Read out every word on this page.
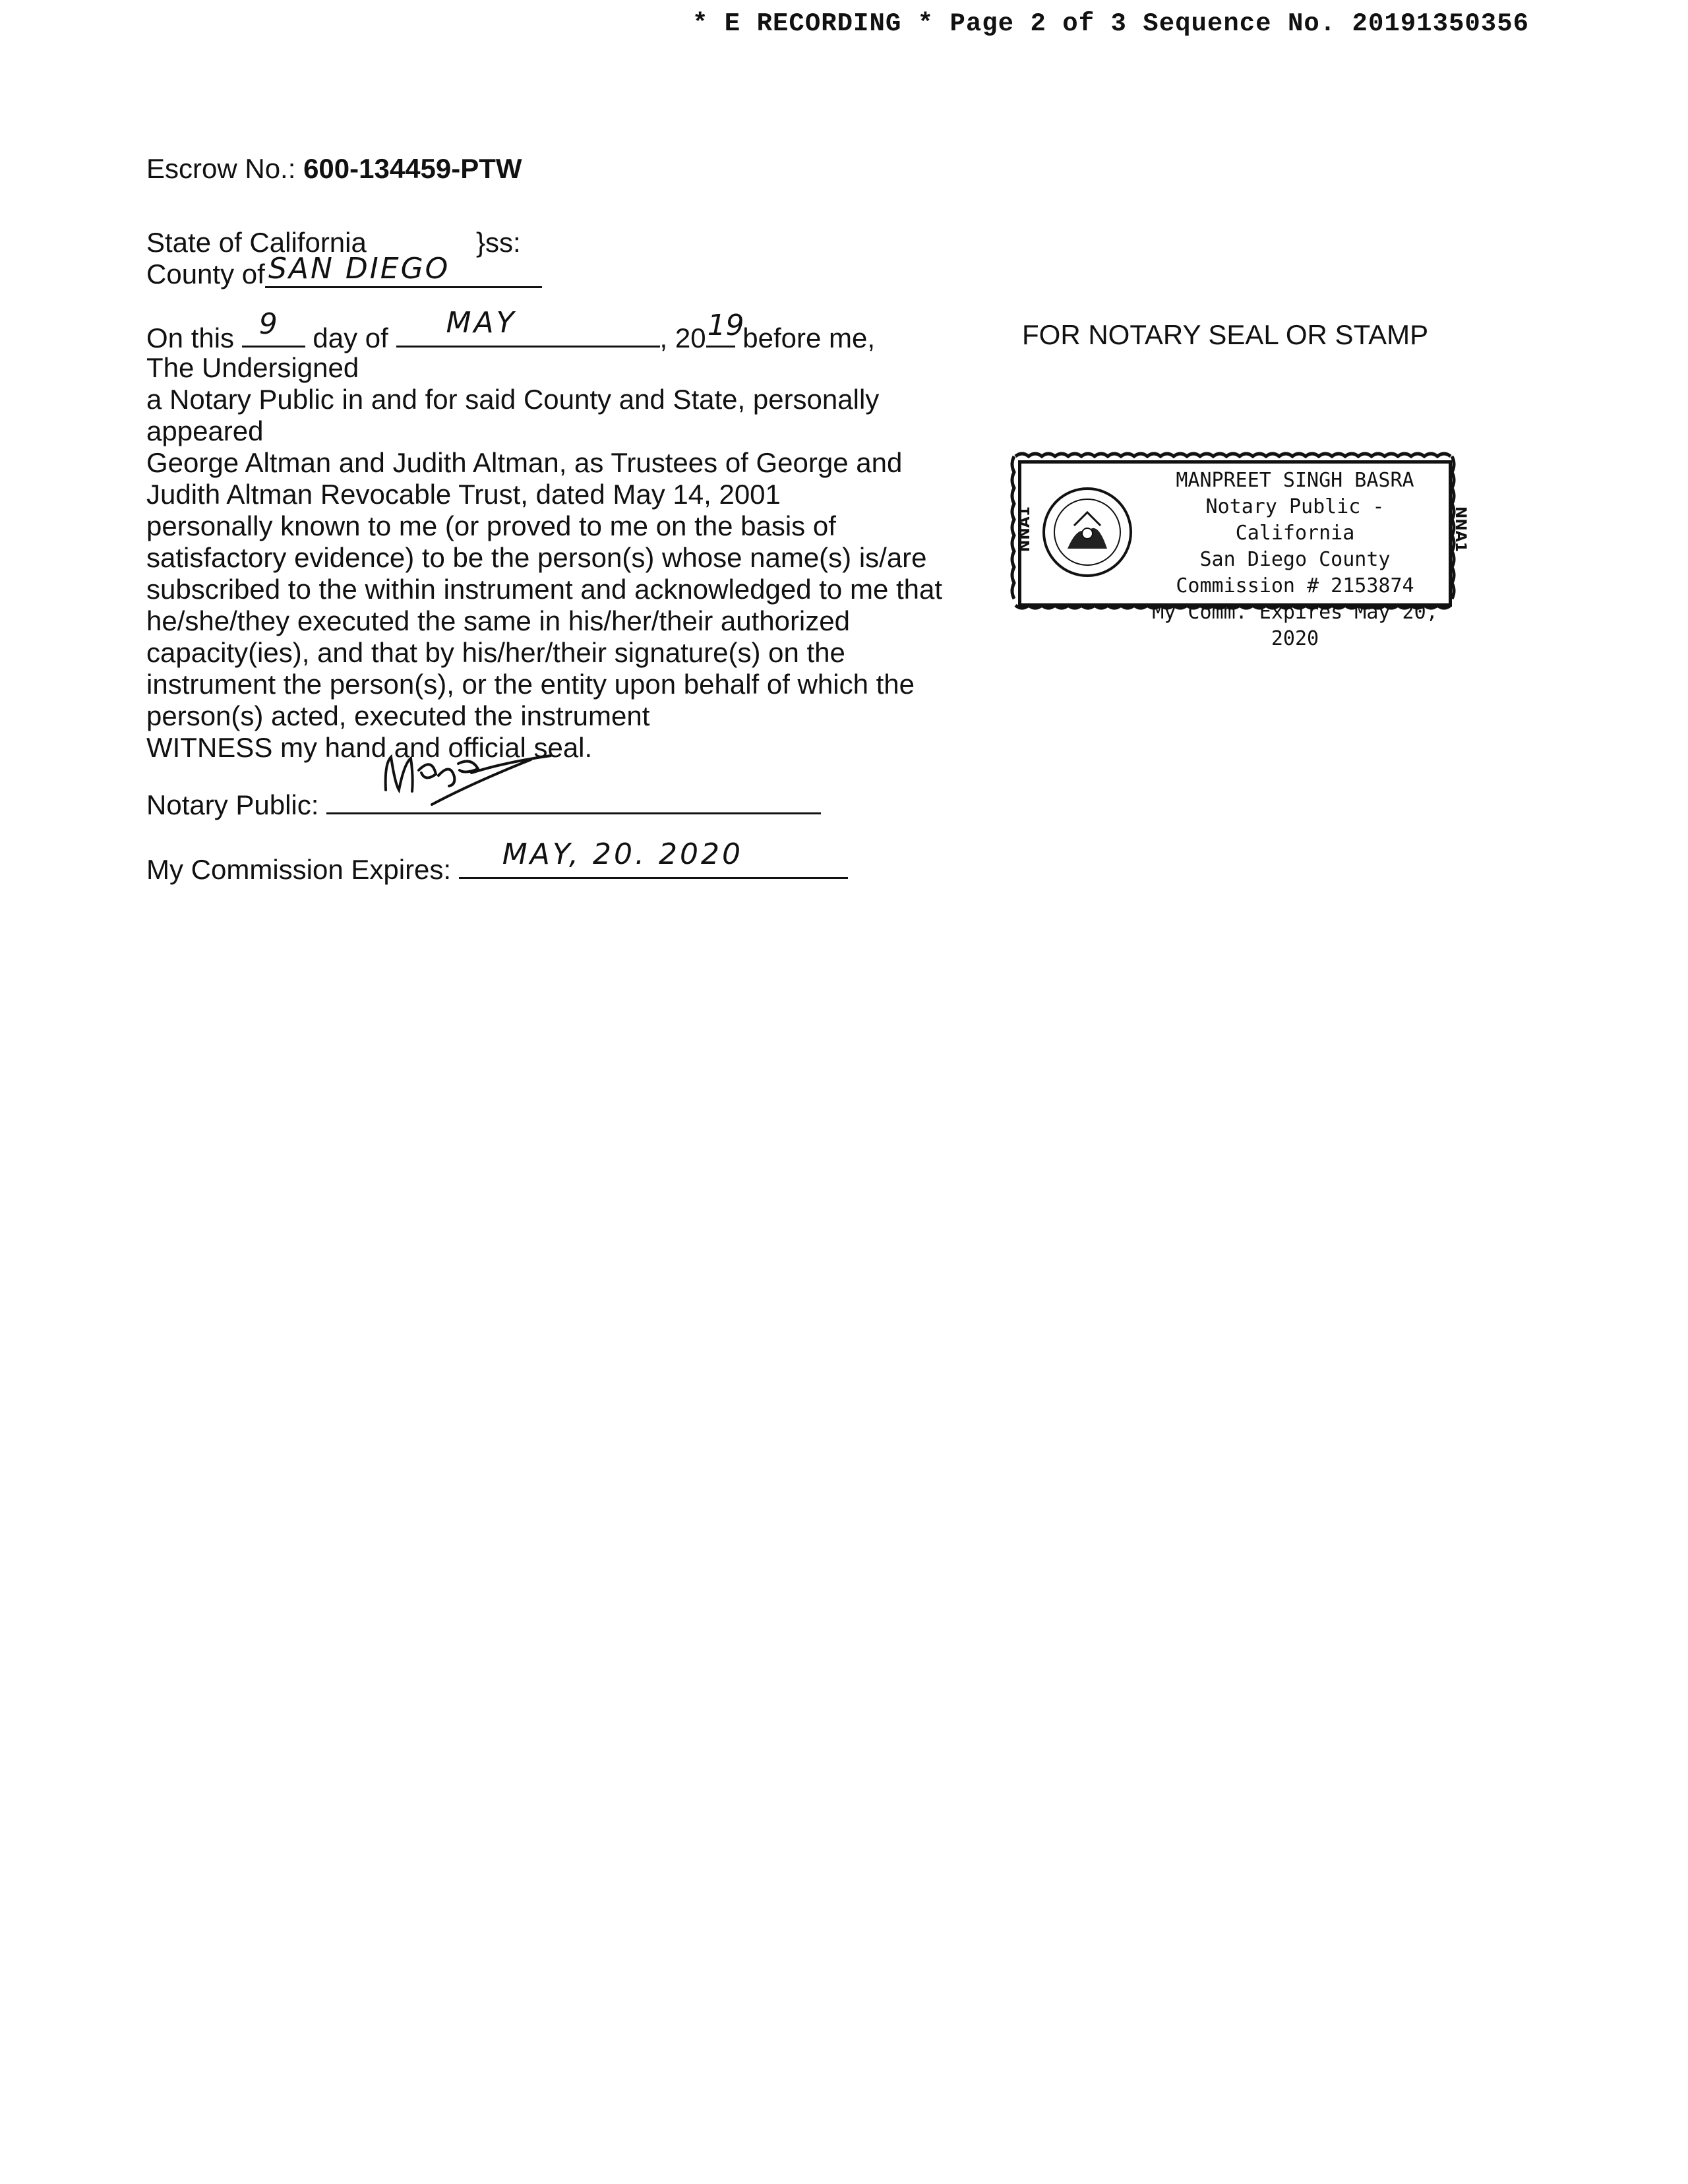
* E RECORDING * Page 2 of 3 Sequence No. 20191350356
Escrow No.: 600-134459-PTW
State of California	}ss:
County of SAN DIEGO
On this 9 day of MAY	, 20 19
before me,
The Undersigned
a Notary Public in and for said County and State, personally
appeared
George Altman and Judith Altman, as Trustees of George and
Judith Altman Revocable Trust, dated May 14, 2001
personally known to me (or proved to me on the basis of
satisfactory evidence) to be the person(s) whose name(s) is/are
subscribed to the within instrument and acknowledged to me that
he/she/they executed the same in his/her/their authorized
capacity(ies), and that by his/her/their signature(s) on the
instrument the person(s), or the entity upon behalf of which the
person(s) acted, executed the instrument
WITNESS my hand and official seal.
FOR NOTARY SEAL OR STAMP
MANPREET SINGH BASRA
Notary Public - California
San Diego County
Commission # 2153874
My Comm. Expires May 20, 2020
NNA1	NNA1
Notary Public:
My Commission Expires: MAY, 20. 2020
